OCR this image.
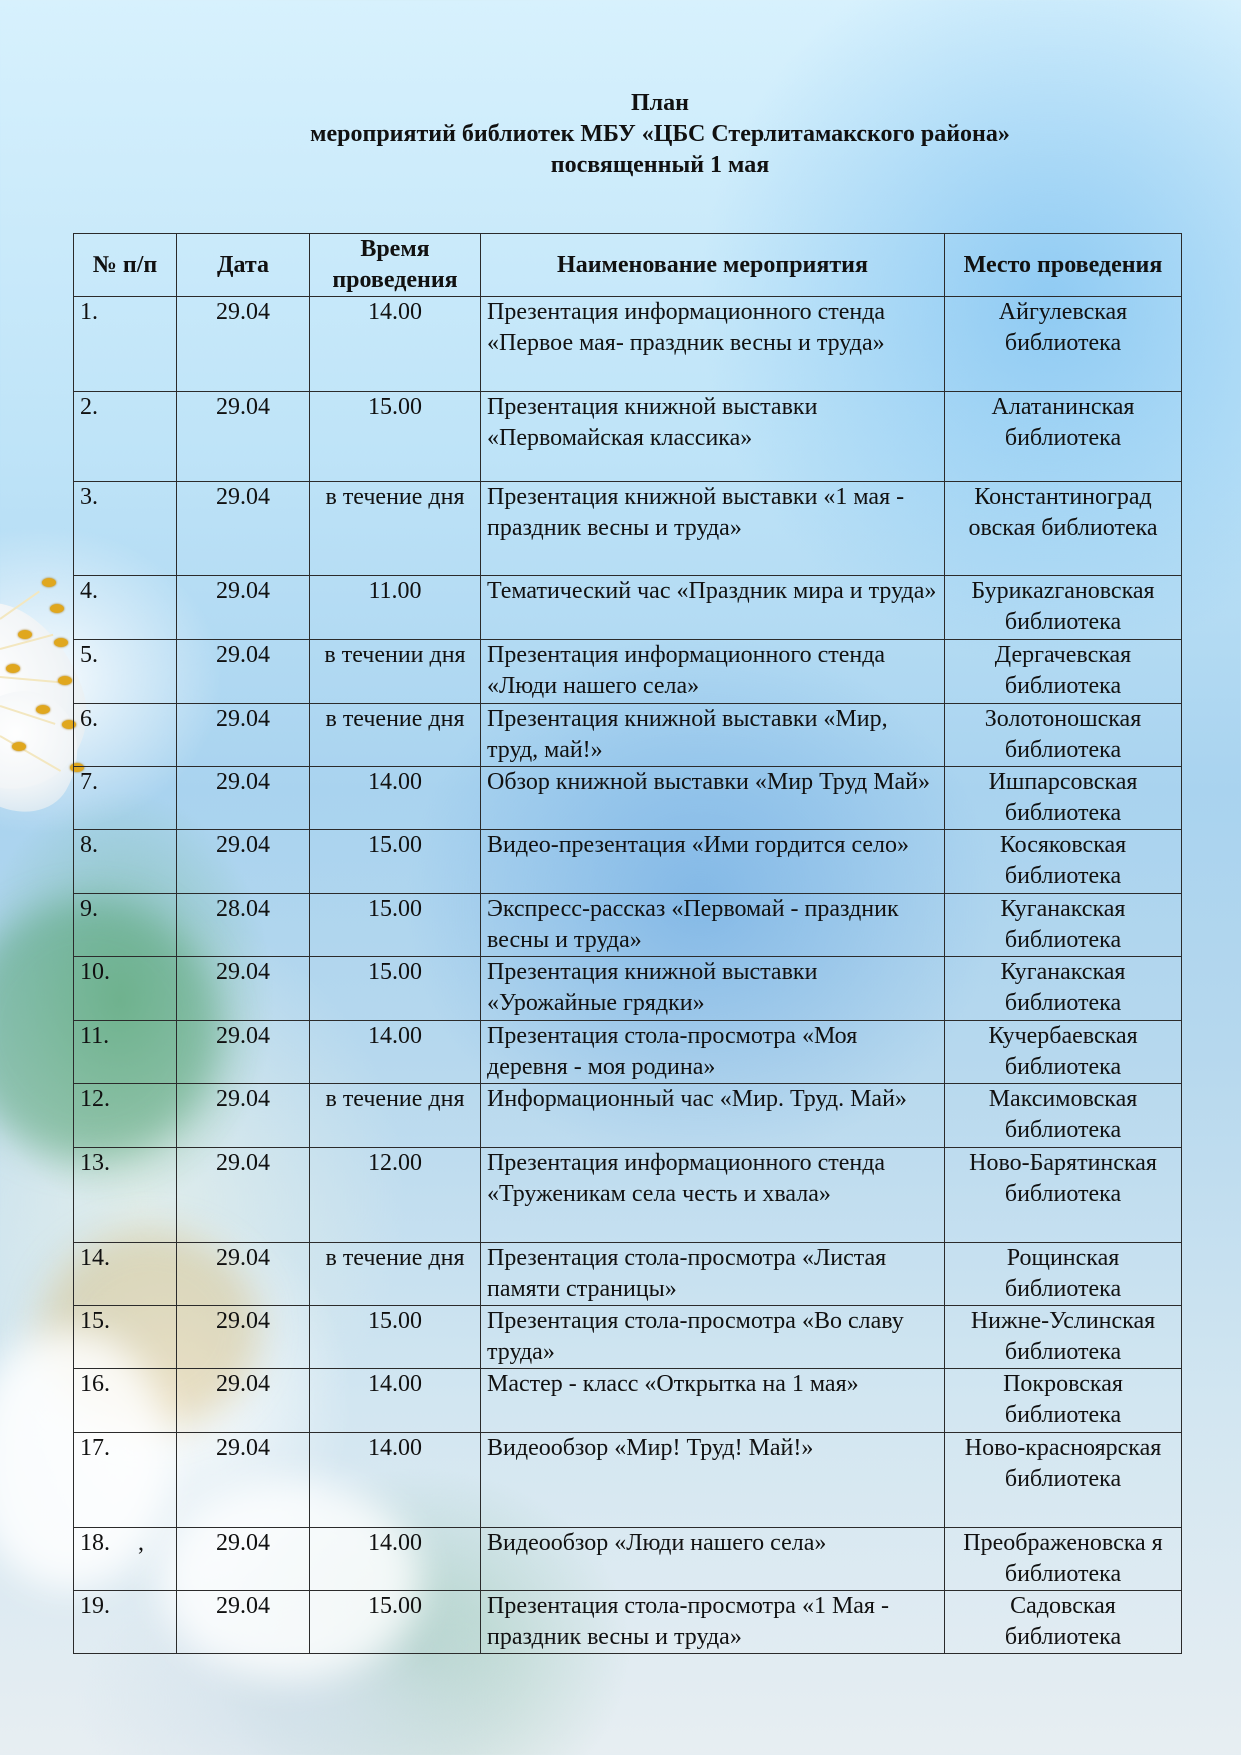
План
мероприятий библиотек МБУ «ЦБС Стерлитамакского района»
посвященный 1 мая
№ п/п	Дата	Время проведения	Наименование мероприятия	Место проведения
1.	29.04	14.00	Презентация информационного стенда «Первое мая- праздник весны и труда»	Айгулевская библиотека
2.	29.04	15.00	Презентация книжной выставки «Первомайская классика»	Алатанинская библиотека
3.	29.04	в течение дня	Презентация книжной выставки «1 мая - праздник весны и труда»	Константиноград овская библиотека
4.	29.04	11.00	Тематический час «Праздник мира и труда»	Бурикazгановская библиотека
5.	29.04	в течении дня	Презентация информационного стенда «Люди нашего села»	Дергачевская библиотека
6.	29.04	в течение дня	Презентация книжной выставки «Мир, труд, май!»	Золотоношская библиотека
7.	29.04	14.00	Обзор книжной выставки «Мир Труд Май»	Ишпарсовская библиотека
8.	29.04	15.00	Видео-презентация «Ими гордится село»	Косяковская библиотека
9.	28.04	15.00	Экспресс-рассказ «Первомай - праздник весны и труда»	Куганакская библиотека
10.	29.04	15.00	Презентация книжной выставки «Урожайные грядки»	Куганакская библиотека
11.	29.04	14.00	Презентация стола-просмотра «Моя деревня - моя родина»	Кучербаевская библиотека
12.	29.04	в течение дня	Информационный час «Мир. Труд. Май»	Максимовская библиотека
13.	29.04	12.00	Презентация информационного стенда «Труженикам села честь и хвала»	Ново-Барятинская библиотека
14.	29.04	в течение дня	Презентация стола-просмотра «Листая памяти страницы»	Рощинская библиотека
15.	29.04	15.00	Презентация стола-просмотра «Во славу труда»	Нижне-Услинская библиотека
16.	29.04	14.00	Мастер - класс «Открытка на 1 мая»	Покровская библиотека
17.	29.04	14.00	Видеообзор «Мир! Труд! Май!»	Ново-красноярская библиотека
18. ,	29.04	14.00	Видеообзор «Люди нашего села»	Преображеновска я библиотека
19.	29.04	15.00	Презентация стола-просмотра «1 Мая - праздник весны и труда»	Садовская библиотека
